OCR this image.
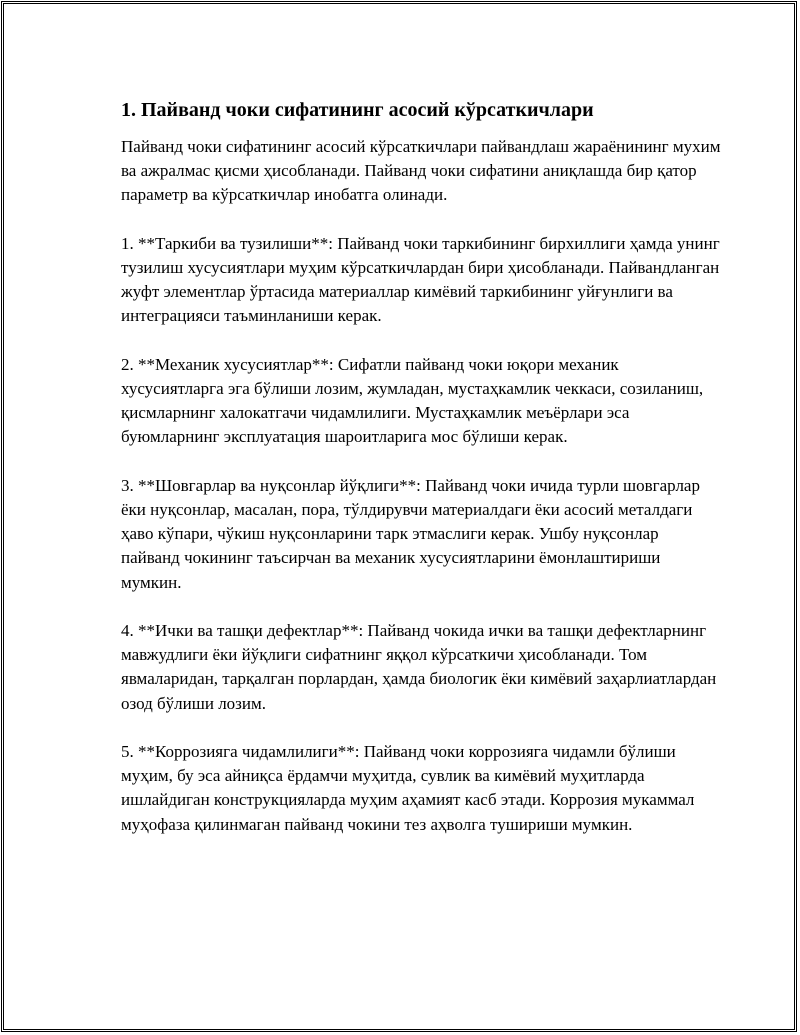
1. Пайванд чоки сифатининг асосий кўрсаткичлари

Пайванд чоки сифатининг асосий кўрсаткичлари пайвандлаш жараёнининг мухим ва ажралмас қисми ҳисобланади. Пайванд чоки сифатини аниқлашда бир қатор параметр ва кўрсаткичлар инобатга олинади.

1. **Таркиби ва тузилиши**: Пайванд чоки таркибининг бирхиллиги ҳамда унинг тузилиш хусусиятлари муҳим кўрсаткичлардан бири ҳисобланади. Пайвандланган жуфт элементлар ўртасида материаллар кимёвий таркибининг уйғунлиги ва интеграцияси таъминланиши керак.

2. **Механик хусусиятлар**: Сифатли пайванд чоки юқори механик хусусиятларга эга бўлиши лозим, жумладан, мустаҳкамлик чеккаси, созиланиш, қисмларнинг халокатгачи чидамлилиги. Мустаҳкамлик меъёрлари эса буюмларнинг эксплуатация шароитларига мос бўлиши керак.

3. **Шовгарлар ва нуқсонлар йўқлиги**: Пайванд чоки ичида турли шовгарлар ёки нуқсонлар, масалан, пора, тўлдирувчи материалдаги ёки асосий металдаги ҳаво кўпари, чўкиш нуқсонларини тарк этмаслиги керак. Ушбу нуқсонлар пайванд чокининг таъсирчан ва механик хусусиятларини ёмонлаштириши мумкин.

4. **Ички ва ташқи дефектлар**: Пайванд чокида ички ва ташқи дефектларнинг мавжудлиги ёки йўқлиги сифатнинг яққол кўрсаткичи ҳисобланади. Том явмаларидан, тарқалган порлардан, ҳамда биологик ёки кимёвий заҳарлиатлардан озод бўлиши лозим.

5. **Коррозияга чидамлилиги**: Пайванд чоки коррозияга чидамли бўлиши муҳим, бу эса айниқса ёрдамчи муҳитда, сувлик ва кимёвий муҳитларда ишлайдиган конструкцияларда муҳим аҳамият касб этади. Коррозия мукаммал муҳофаза қилинмаган пайванд чокини тез аҳволга тушириши мумкин.
